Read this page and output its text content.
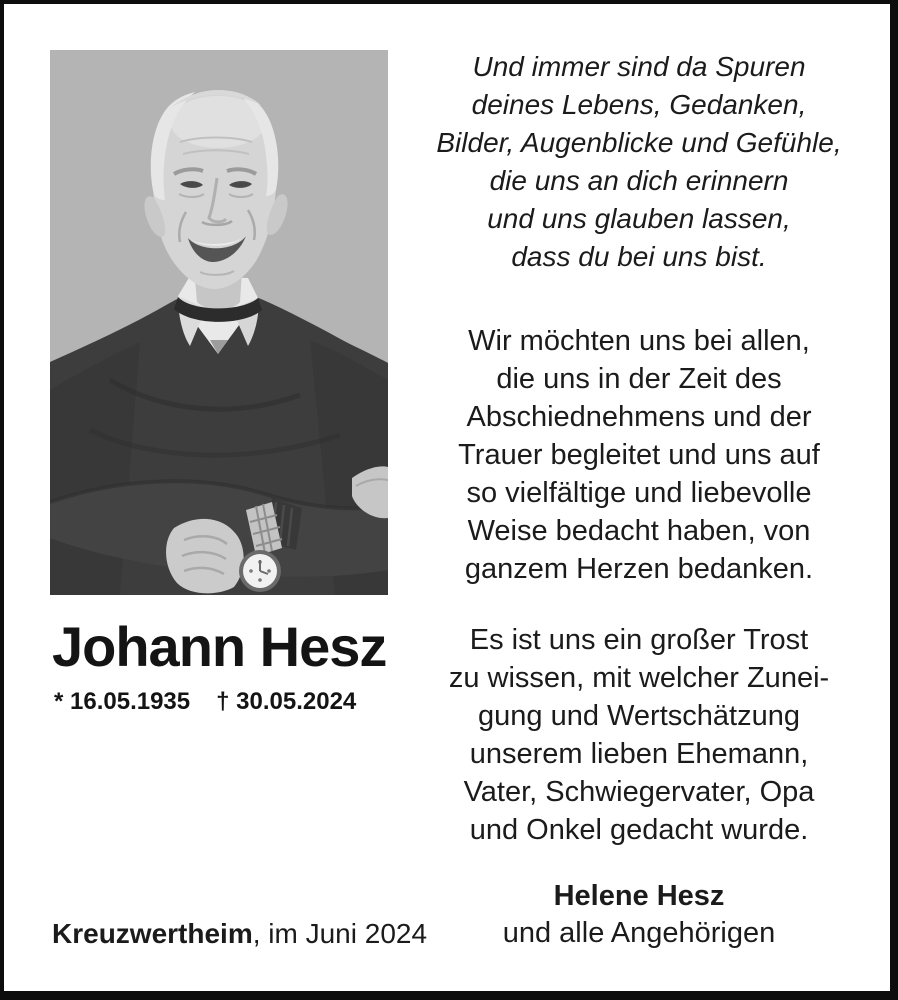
Johann Hesz
* 16.05.1935 † 30.05.2024
Und immer sind da Spuren
deines Lebens, Gedanken,
Bilder, Augenblicke und Gefühle,
die uns an dich erinnern
und uns glauben lassen,
dass du bei uns bist.
Wir möchten uns bei allen,
die uns in der Zeit des
Abschiednehmens und der
Trauer begleitet und uns auf
so vielfältige und liebevolle
Weise bedacht haben, von
ganzem Herzen bedanken.
Es ist uns ein großer Trost
zu wissen, mit welcher Zunei-
gung und Wertschätzung
unserem lieben Ehemann,
Vater, Schwiegervater, Opa
und Onkel gedacht wurde.
Helene Hesz
und alle Angehörigen
Kreuzwertheim, im Juni 2024
